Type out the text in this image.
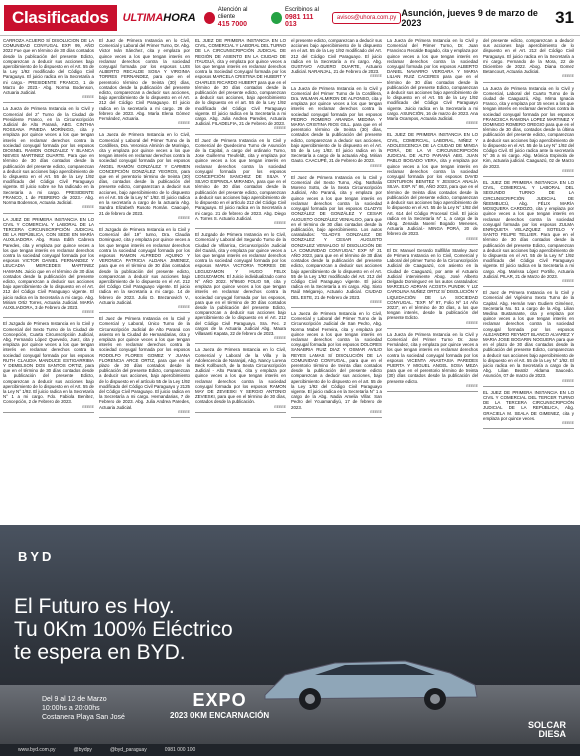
Clasificados	ULTIMAHORA
Atención al cliente
415 7000
Escribinos al
0981 111 013
avisos@uhora.com.py Asunción, jueves 9 de marzo de 2023	31

CARROZA ACUERO S/ DISOLUCION DE LA COMUNIDAD CONYUGAL EXP. 99, AÑO 2022 Fue que en término de 30 días contados desde la publicación del presente Edicto, comparezcan a deducir sus acciones bajo apercibimiento de lo dispuesto en el Art. 55 de la Ley 1/92 modificado del Código Civil Paraguayo. El juicio radica en la Secretaría a mi cargo.- PRESIDENTE FRANCO, 1 de Marzo de 2023.- Abg. Norma Bodenson, Actuaria Judicial.

EEEEE

La Jueza de Primera Instancia en lo Civil y Comercial del 2° Turno de la Ciudad de Presidente Franco, en la Circunscripción Judicial de Alto Paraná, ABG. CINTHIA ROSSANA PINEDA MORÍNIGO, cita y emplaza por quince veces a los que tengan interés en reclamar derechos contra la sociedad conyugal formada por los esposos DIOSNEL RAMON GONZALEZ Y BLANCA NIEVES MARTINEZ DUARTE. Para que en término de 30 días contados desde la publicación del presente edicto, comparezcan a deducir sus acciones bajo apercibimiento de lo dispuesto en el Art. 55 de la Ley 1/92 modificado del Código Civil Paraguayo vigente. El juicio sobre se ha radicado en la Secretaría a mi cargo. PRESIDENTE FRANCO, 1 de FEBRERO de 2023.- Abg. Norma Bodenson, Actuaria Judicial.

EEEEE

LA JUEZ DE PRIMERA INSTANCIA EN LO CIVIL Y COMERCIAL Y LABORAL DE LA TERCERA CIRCUNSCRIPCIÓN JUDICIAL DE LA REPÚBLICA, CON SEDE EN MARÍA AUXILIADORA Abg. Rosa Edith Cabrera Paredes, cita y emplaza por quince veces a los que tengan interés en reclamar derechos contra la sociedad conyugal formada por los esposos VICTOR DANIEL FERNANDEZ Y LEUCADIA MERCEDES MARTINEZ HAMANN. Juicio que en el término de 30 días contados desde la publicación del presente edicto, comparezcan a deducir sus acciones bajo apercibimiento de lo dispuesto en el Art. 212 del Código Civil Paraguayo vigente. El juicio radica en la Secretaría a mi cargo. Abg. Miriam Ortiz Torres, Actuaria Judicial. MARÍA AUXILIADORA, 3 de Febrero de 2023.

EEEEE

El Juzgado de Primera Instancia en lo Civil y Comercial del Sexto Turno de la Ciudad de Concepción, Cuarta Circunscripción Judicial, Abg. Fernando López Quevedo, Juez, cita y emplaza por quince veces a los que tengan interés en reclamar derechos contra la sociedad conyugal formada por los esposos RUTH CLAUDIA MANDUCE ESTIGARRIBIA Y DEMELSON DOS SANTOS ORTIZ, para que en el término de 30 días contados desde la publicación del presente Edicto, comparezcan a deducir sus acciones bajo apercibimiento de lo dispuesto en el Art. 55 de la Ley N° 1/92. El juicio radica en la Secretaría N° 1 a mi cargo. Fdo. Fabiola Benítez, Concepción, 2 de Febrero de 2023.

EEEEE

El Juez de Primera Instancia en lo Civil, Comercial y Laboral del Primer Turno, Dr. Abg. Victor Iván Sánchez, cita y emplaza por quince veces a los que tengan interés en reclamar derechos contra la sociedad conyugal formada por los esposos LUIS ALBERTO RECALDE SOSA Y VIRGINIA TORRES FERNANDEZ, para que en el perentorio término de treinta (30) días, contados desde la publicación del presente edicto, comparezcan a deducir sus acciones, bajo apercibimiento de lo dispuesto en el Art. 212 del Código Civil Paraguayo. El juicio radica en la secretaría a mi cargo. 26 de febrero de 2023. Abg. María Elena Gómez Fernández, Actuaria.

EEEEE

La Jueza de Primera Instancia en lo Civil, Comercial y Laboral del Primer Turno de la Cordillera, Dra. Veronica Almirón de Morinigo, cita y emplaza por quince veces a los que tengan interés en reclamar derechos contra la sociedad conyugal formada por los esposos ÁNGEL RAMÓN GONZÁLEZ Y CARMEN CONCEPCIÓN GONZÁLEZ YEGROS, para que en el perentorio término de treinta (30) días, contados desde la publicación del presente edicto, comparezcan a deducir sus acciones, bajo apercibimiento de lo dispuesto en el Art. 55 de la Ley N° 1/92. El juicio radica en la secretaría a cargo de la actuaria Abg. Sandra Elizabeth Rusoto Román. Caacupé, 21 de febrero de 2023.

EEEEE

El Juzgado de Primera Instancia en lo Civil y Comercial del 19° turno, Dra. Claudia Dominguez, cita y emplaza por quince veces a los que tengan interés en reclamar derechos contra la sociedad conyugal formada por los esposos RAMON ALFREDO AQUINO Y VERONICA PATRICIA ALDANA JIMENEZ, para que en el término de 30 días contados desde la publicación del presente edicto, comparezcan a deducir sus acciones bajo apercibimiento de lo dispuesto en el Art. 212 del Código Civil Paraguayo vigente. El juicio radica en la secretaría a mi cargo. 14 de febrero de 2023. Julio D. Brezanovich V., Actuario Judicial.

EEEEE

El Juez de Primera Instancia en lo Civil y Comercial y Laboral, Único Turno de la Circunscripción Judicial de Alto Paraná con asiento en la Ciudad de Hernandarias, cita y emplaza por quince veces a los que tengan interés en reclamar derechos contra la sociedad conyugal formada por los esposos RODOLFO FLORES GOMEZ Y JUANA FLORENCIA ARCE ORTIZ, para que en el plazo de 30 días contados desde la publicación del presente Edicto, comparezcan a deducir sus acciones, bajo apercibimiento de lo dispuesto en el artículo 55 de la Ley 1/92 modificado del Código Civil Paraguayo y 2125 del Código Civil Paraguayo. El juicio radica en la Secretaría a mi cargo. Hernandarias, 7 de Febrero de 2023. Abg. Julia Andrea Paredes, Actuaria Judicial.

EEEEE

EL JUEZ DE PRIMERA INSTANCIA EN LO CIVIL, COMERCIAL Y LABORAL DEL TURNO DE LA CIRCUNSCRIPCIÓN JUDICIAL DE REGIÓN DE ASIENTO EN LA CIUDAD DE ITAUGUÁ, cita y emplaza por quince veces a los que tengan interés en reclamar derechos contra la Sociedad Conyugal formada por los esposos MARCELA CRISTINA DE HUBERT Y CHARLES RICARDO HUBERT para que en el término de 30 días contados desde la publicación del presente edicto, comparezcan a deducir sus acciones, bajo apercibimiento de lo dispuesto en el art. 55 de la Ley 1/92 modificado del Código Civil Paraguayo vigente. El juicio radica en la Secretaría a mi cargo. Abg. Julia Andrea Paredes, Actuaria Judicial. FILADELFIA, 21 de Febrero de 2023.

EEEEE

El Juez de Primera Instancia en lo Civil y Comercial de Quedecimo Turno de Asunción de la Capital, a cargo del ordinario Turno, Jose Guillermo Treufeldt, cita y emplaza por quince veces a los que tengan interés en reclamar derechos contra la sociedad conyugal formada por los esposos CONCEPCIÓN SANCHEZ DE SILVA Y SILVIO ESPINOLA MIRANDA, para que en el término de 30 días contados desde la publicación del presente edicto, comparezcan a deducir sus acciones bajo apercibimiento de lo dispuesto en el artículo 212 del Código Civil Paraguayo. El juicio radica en la Secretaría a mi cargo. 21 de febrero de 2023. Abg. Diego A. Torres S. Actuario Judicial.

EEEEE

El Juzgado de Primera Instancia en lo Civil, Comercial y Laboral del Segundo Turno de la Ciudad de Villarrica, Circunscripción Judicial del Guairá, cita y emplaza por quince veces a los que tengan interés en reclamar derechos contra la sociedad conyugal formada por los esposos MARIA VICTORIA TORRES DE LEGUIZAMON Y HUGO FELIX LEGUIZAMON. El Juicio individualizado como N° AÑO 2022. Nº8640 FOLIO 59, cita y emplaza por quince veces a los que tengan interés en reclamar derechos contra la sociedad conyugal formada por los esposos, para que en el término de 30 días contados desde la publicación del presente Edicto, comparezcan a deducir sus acciones bajo apercibimiento de lo dispuesto en el Art. 212 del Código Civil Paraguayo. Sra. Fec. 2 cargos de la Actuaria Judicial Abg. Maura Villasanti Kapata, 22 de febrero de 2023.

EEEEE

La Jueza de Primera Instancia en lo Civil, Comercial y Laboral de la Villa y la Adolescencia de Naranjal, Abg. Nancy Lorena Beck Kollbusch, de la Sexta Circunscripción Judicial - Alto Paraná, cita y emplaza por quince veces a los que tengan interés en reclamar derechos contra la sociedad conyugal formada por los esposos RAMON MAY DE ZEVIESKI Y SERGIO ANTONIO ZEVIESKI, para que en el término de 30 días, contados desde la publicación.

EEEEE

el presente edicto, comparezcan a deducir sus acciones bajo apercibimiento de lo dispuesto en el art. 55 de la Ley 1/92 modificado del Art. 212 del Código Civil Paraguayo. El juicio radica en la Secretaría a mi cargo. Abg. GUSTAVO AGUERO DUARTE, Actuario Judicial. NARANJAL, 21 de Febrero de 2023.

EEEEE

La Jueza de Primera Instancia en lo Civil y Comercial del Primer Turno de la Cordillera, Dra. WILMAN ALMIRON DE ALFONSO, cita y emplaza por quince veces a los que tengan interés en reclamar derechos contra la sociedad conyugal formada por los esposos PEDRO ROMERO ARANDA MEDINA Y MARIA CRISTINA RIOS GILL. para que en el perentorio término de treinta (30) días, contados desde la publicación del presente edicto, comparezcan a deducir sus acciones, bajo apercibimiento de lo dispuesto en el Art. 55 de la Ley 1/92. El juicio radica en la Secretaría a cargo de la actuaria Abg. Mirian Gauto. CAACUPÉ, 21 de Febrero de 2023.

EEEEE

El Juez de Primera Instancia en lo Civil y Comercial del Sexto Turno, Abg. Nathalia Moreno Sotto, de la Sexta Circunscripción Judicial, Alto Paraná, cita y emplaza por quince veces a los que tengan interés en reclamar derechos contra la sociedad conyugal formada por los esposos GLADYS GONZÁLEZ DE GONZÁLEZ Y CESAR AUGUSTO GONZÁLEZ VENIALGO, para que en el término de 30 días contados desde la publicación, bajo apercibimiento. Los autos caratulados: "GLADYS GONZALEZ DE GONZALEZ Y CESAR AUGUSTO GONZALEZ VENIALGO S/ DISOLUCIÓN DE LA COMUNIDAD CONYUGAL" EXP Nº 21 AÑO 2023, para que en el término de 30 días contados desde la publicación del presente edicto, comparezcan a deducir sus acciones bajo apercibimiento de lo dispuesto en el Art. 55 de la Ley 1/92 modificado del Art. 212 del Código Civil Paraguayo vigente. El juicio radica en la Secretaría a mi cargo. Abg. Sixto Raúl Melgarejo, Actuario Judicial. CIUDAD DEL ESTE, 21 de Febrero de 2023.

EEEEE

La Jueza de Primera Instancia en lo Civil, Comercial y Laboral del Primer Turno de la Circunscripción Judicial de San Pedro, Abg. Norma Mabel Ferreira, cita y emplaza por quince veces a los que tengan interés en reclamar derechos contra la sociedad conyugal formada por los esposos DOLORES SANABRIA RUIZ DIAZ Y OSMAR AVILIO REYES LAMAS S/ DISOLUCIÓN DE LA COMUNIDAD CONYUGAL, para que en el perentorio término de treinta días contados desde la publicación del presente edicto comparezcan a deducir sus acciones, bajo apercibimiento de lo dispuesto en el art. 55 de la Ley 1/92 del Código Civil Paraguayo vigente. El juicio radica en la Secretaría N° 1 a cargo de la Abg. Nadia Amelia Villar. San Pedro del Ycuamandiyú, 17 de febrero de 2023.

EEEEE

La Jueza de Primera Instancia en lo Civil y Comercial del Primer Turno, Dr. Juan Francisco Recalde Bogado, cita y emplaza por quince veces a los que tengan interés en reclamar derechos contra la sociedad conyugal formada por los esposos ALBERTO DANIEL NAVARRO VERGARA Y MARIA LILIAN RUIZ CACERES para que en el término de 30 días contados desde la publicación del presente Edicto, comparezcan a deducir sus acciones bajo apercibimiento de lo dispuesto en el Art. 55 de la Ley 1/92 modificado del Código Civil Paraguayo vigente. Juicio radica en la Secretaría a mi cargo. ASUNCIÓN, 16 de marzo de 2023. Ana María Ocampos, Actuaria Judicial.

EEEEE

EL JUEZ DE PRIMERA INSTANCIA EN LO CIVIL, COMERCIAL, LABORAL, NIÑEZ Y ADOLESCENCIA DE LA CIUDAD DE MINGA PORÁ, DE LA VI CIRCUNSCRIPCIÓN JUDICIAL DE ALTO PARANÁ ABG. JUAN PABLO BOGADO VERA, cita y emplaza por quince veces a los que tengan interés en reclamar derechos contra la sociedad conyugal formada por los esposos DAVID CENTURION BENITEZ Y JESSICA ANALÍA SILVA. EXP. N° 86, AÑO 2023, para que en el término de treinta días contados desde la publicación del presente edicto, comparezcan a deducir sus acciones bajo apercibimiento de lo dispuesto en el Art. 55 de la Ley N° 1/92 del Art. 614 del Código Procesal Civil. El juicio radica en la Secretaría N° 1, a cargo de la Abog. Zenaida Noemí Bogado Meneses, Actuaria Judicial.- MINGA PORÁ, 20 de febrero de 2023.

EEEEE

El Dr. Manuel Gerardo Sulfillán Stanley Juez de Primera Instancia en lo Civil, Comercial y Laboral del primer Turno de la Circunscripción Judicial de Caaguazú, con asiento en la Ciudad de Caaguazú, por ante el Actuario Judicial interviniente Abog. José Alberto Delgado Dominguez en los autos caratulados: MARCELO ADRIAN ACOSTA PUNDIK Y LIZ CAROLINA NUÑEZ ORTIZ S/ DISOLUCIÓN Y LIQUIDACIÓN DE LA SOCIEDAD CONYUGAL. "EXP. Nº 97, Folio Nº 14 Año 2023", en el término de 30 días, a los que tengan interés, desde la publicación del presente Edicto.

EEEEE

La Jueza de Primera Instancia en lo Civil y Comercial del Primer Turno Dr. Jose Fernández, cita y emplaza por quince veces a los que tengan interés en reclamar derechos contra la sociedad conyugal formada por los esposos VICENTA ANASTASIA PAREDES PUERTA Y MIGUEL ANGEL SOSA MEZA para que en el perentorio término de treinta (30) días contados desde la publicación del presente edicto.

EEEEE

del presente edicto, comparezcan a deducir sus acciones bajo apercibimiento de lo dispuesto en el Art. 212 del Código Civil Paraguayo. El juicio radica en la Secretaría a mi cargo. Fernando de la Mora, 22 de Diciembre de 2022. Abog. Diana Gomez Betancourt, Actuaria Judicial.

EEEEE

La Jueza de Primera Instancia en lo Civil y Comercial, Laboral del Cuarto Turno de la ciudad de Caaguazú, Abg. Mirna Ignacia Franco, cita y emplaza por 15 veces a los que tengan interés en reclamar derechos contra la sociedad conyugal formada por los esposos FRANCISCA RAMONA LOPEZ MARTINEZ Y DOMINGO ROMERO OREGIO para que en el término de 30 días, contados desde la última publicación del presente edicto, comparezcan a deducir sus acciones bajo apercibimiento de lo dispuesto en el Art. 55 de la Ley N° 1/92 del Código Civil. El juicio radica ante la secretaría N° 36 a mi cargo. Abg. Mónica Espinola de Kim, actuaria judicial. Caaguazú, 02 de Marzo de 2023.

EEEEE

EL JUEZ DE PRIMERA INSTANCIA EN LO CIVIL, COMERCIAL Y LABORAL DEL SEGUNDO TURNO DE LA CIRCUNSCRIPCIÓN JUDICIAL DE ÑEEMBUCÚ, Abg. FÉLIX MARÍA MOSQUERA CARDOZO, cita y emplaza por quince veces a los que tengan interés en reclamar derechos contra la sociedad conyugal formada por los esposos ZULMA ENRIQUETA VELAZQUEZ SOTELO Y SANTO FELIPE TELLIER. Para que en el término de 30 días contados desde la publicación del presente Edicto, comparezcan a deducir sus acciones bajo apercibimiento de lo dispuesto en el Art. 55 de la Ley N° 1/92 modificado del Código Civil Paraguayo vigente. El juicio radica en la Secretaría a mi cargo. Abg. Marissa López Portillo, Actuaria Judicial. PILAR, 21 de Marzo de 2023.

EEEEE

El Juez de Primera Instancia en lo Civil y Comercial del Vigésimo Sexto Turno de la Capital. Abg. Hernán Ivan Gudiem Giménez, Secretaría No. 51 a cargo de la Abg. Lilian Medina Bustamante, cita y emplaza por quince veces a los que tengan interés en reclamar derechos contra la sociedad conyugal formada por los esposos ALEJANDRO REYMOT BLANCO ALVAREZ Y MARIA JOSE BOGARIN NOGUERA para que en el plazo de 30 días contados desde la publicación del presente Edicto, comparezcan a deducir sus acciones bajo apercibimiento de lo dispuesto en el Art. 55 de la Ley N° 1/92. El juicio radica en la Secretaría a cargo de la Abg. Lilian Beatriz Aldama Saucedo. Asunción, 07 de marzo de 2023.

EEEEE

EL JUEZ DE PRIMERA INSTANCIA EN LO CIVIL Y COMERCIAL DEL TERCER TURNO DE LA TERCERA CIRCUNSCRIPCIÓN JUDICIAL DE LA REPÚBLICA, Abg. GRACIELA M. SEALA DE GIMENEZ, cita y emplaza por quince veces.

EEEEE
BYD
El Futuro es Hoy.
Tu 0Km 100% Eléctrico
te espera en BYD.
Del 9 al 12 de Marzo
10:00hs a 20:00hs
Costanera Playa San José
EXPO
2023 0KM ENCARNACIÓN
SOLCAR
DIESA
www.byd.com.py	@bydpy	@byd_paraguay	0981 000 100
